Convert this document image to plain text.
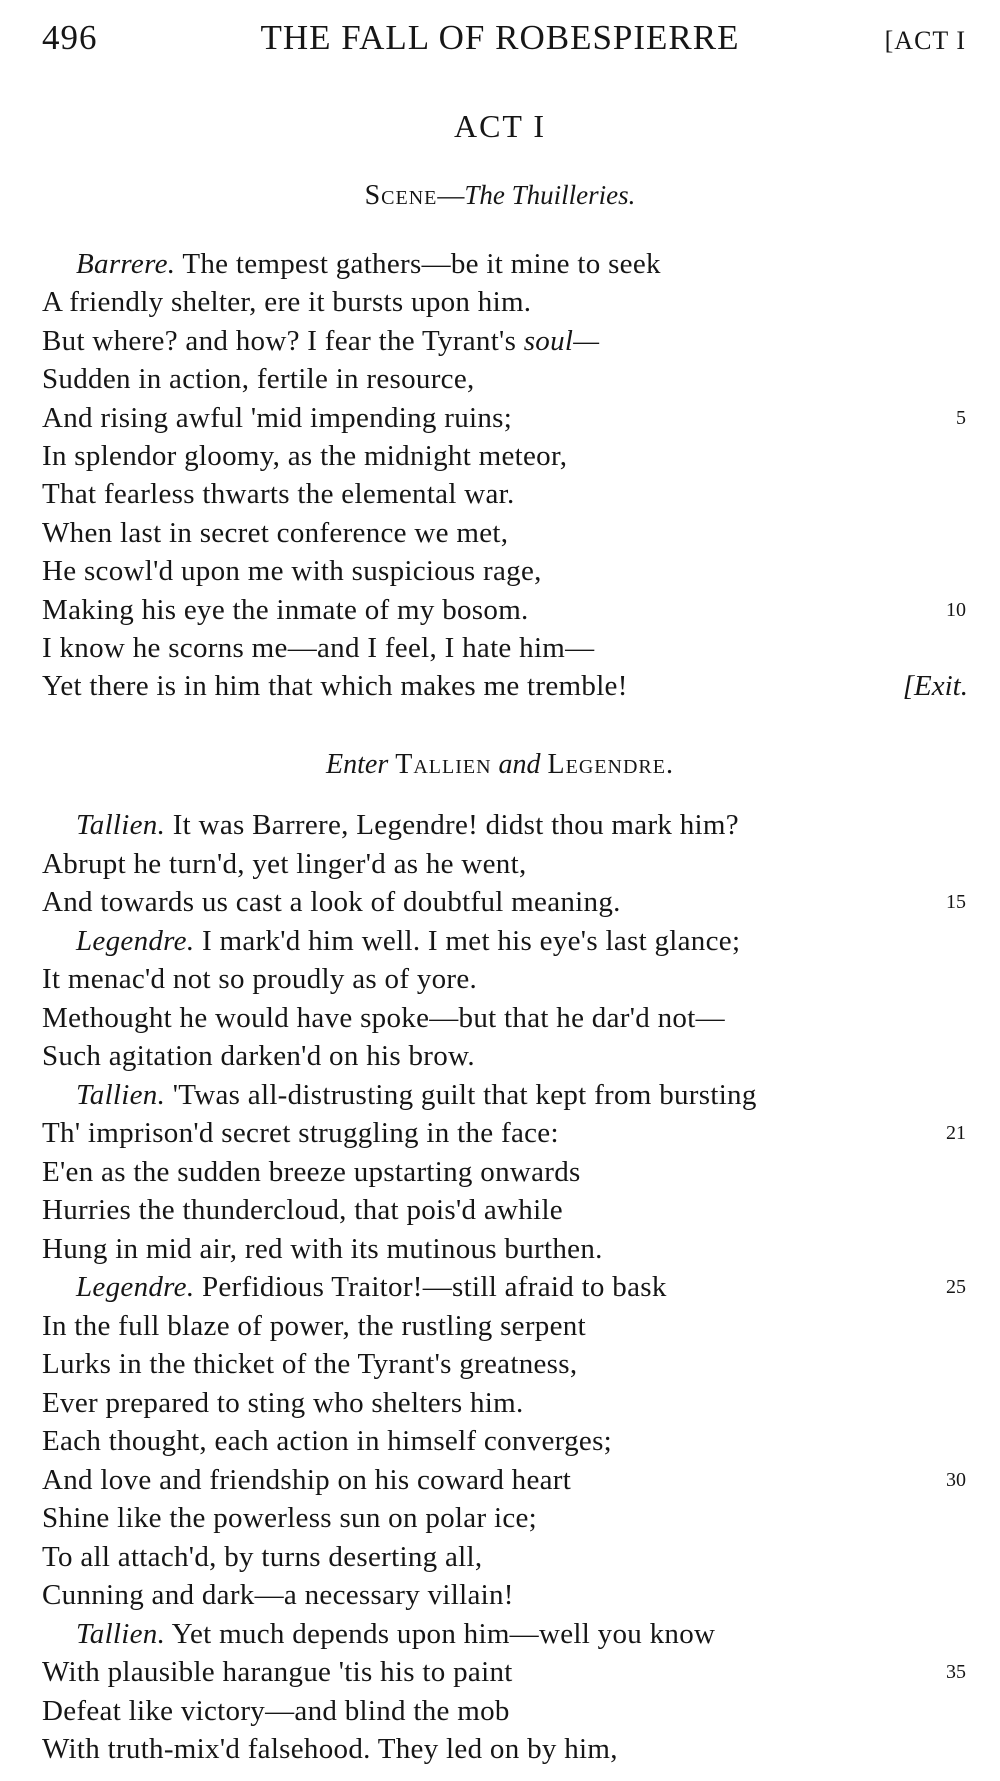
496	THE FALL OF ROBESPIERRE	[ACT I
ACT I
Scene—The Thuilleries.
Barrere. The tempest gathers—be it mine to seek
A friendly shelter, ere it bursts upon him.
But where? and how? I fear the Tyrant's soul—
Sudden in action, fertile in resource,
And rising awful 'mid impending ruins;	5
In splendor gloomy, as the midnight meteor,
That fearless thwarts the elemental war.
When last in secret conference we met,
He scowl'd upon me with suspicious rage,
Making his eye the inmate of my bosom.	10
I know he scorns me—and I feel, I hate him—
Yet there is in him that which makes me tremble!	[Exit.
Enter Tallien and Legendre.
Tallien. It was Barrere, Legendre! didst thou mark him?
Abrupt he turn'd, yet linger'd as he went,
And towards us cast a look of doubtful meaning.	15
Legendre. I mark'd him well. I met his eye's last glance;
It menac'd not so proudly as of yore.
Methought he would have spoke—but that he dar'd not—
Such agitation darken'd on his brow.
Tallien. 'Twas all-distrusting guilt that kept from bursting
Th' imprison'd secret struggling in the face:	21
E'en as the sudden breeze upstarting onwards
Hurries the thundercloud, that pois'd awhile
Hung in mid air, red with its mutinous burthen.
Legendre. Perfidious Traitor!—still afraid to bask	25
In the full blaze of power, the rustling serpent
Lurks in the thicket of the Tyrant's greatness,
Ever prepared to sting who shelters him.
Each thought, each action in himself converges;
And love and friendship on his coward heart	30
Shine like the powerless sun on polar ice;
To all attach'd, by turns deserting all,
Cunning and dark—a necessary villain!
Tallien. Yet much depends upon him—well you know
With plausible harangue 'tis his to paint	35
Defeat like victory—and blind the mob
With truth-mix'd falsehood. They led on by him,
